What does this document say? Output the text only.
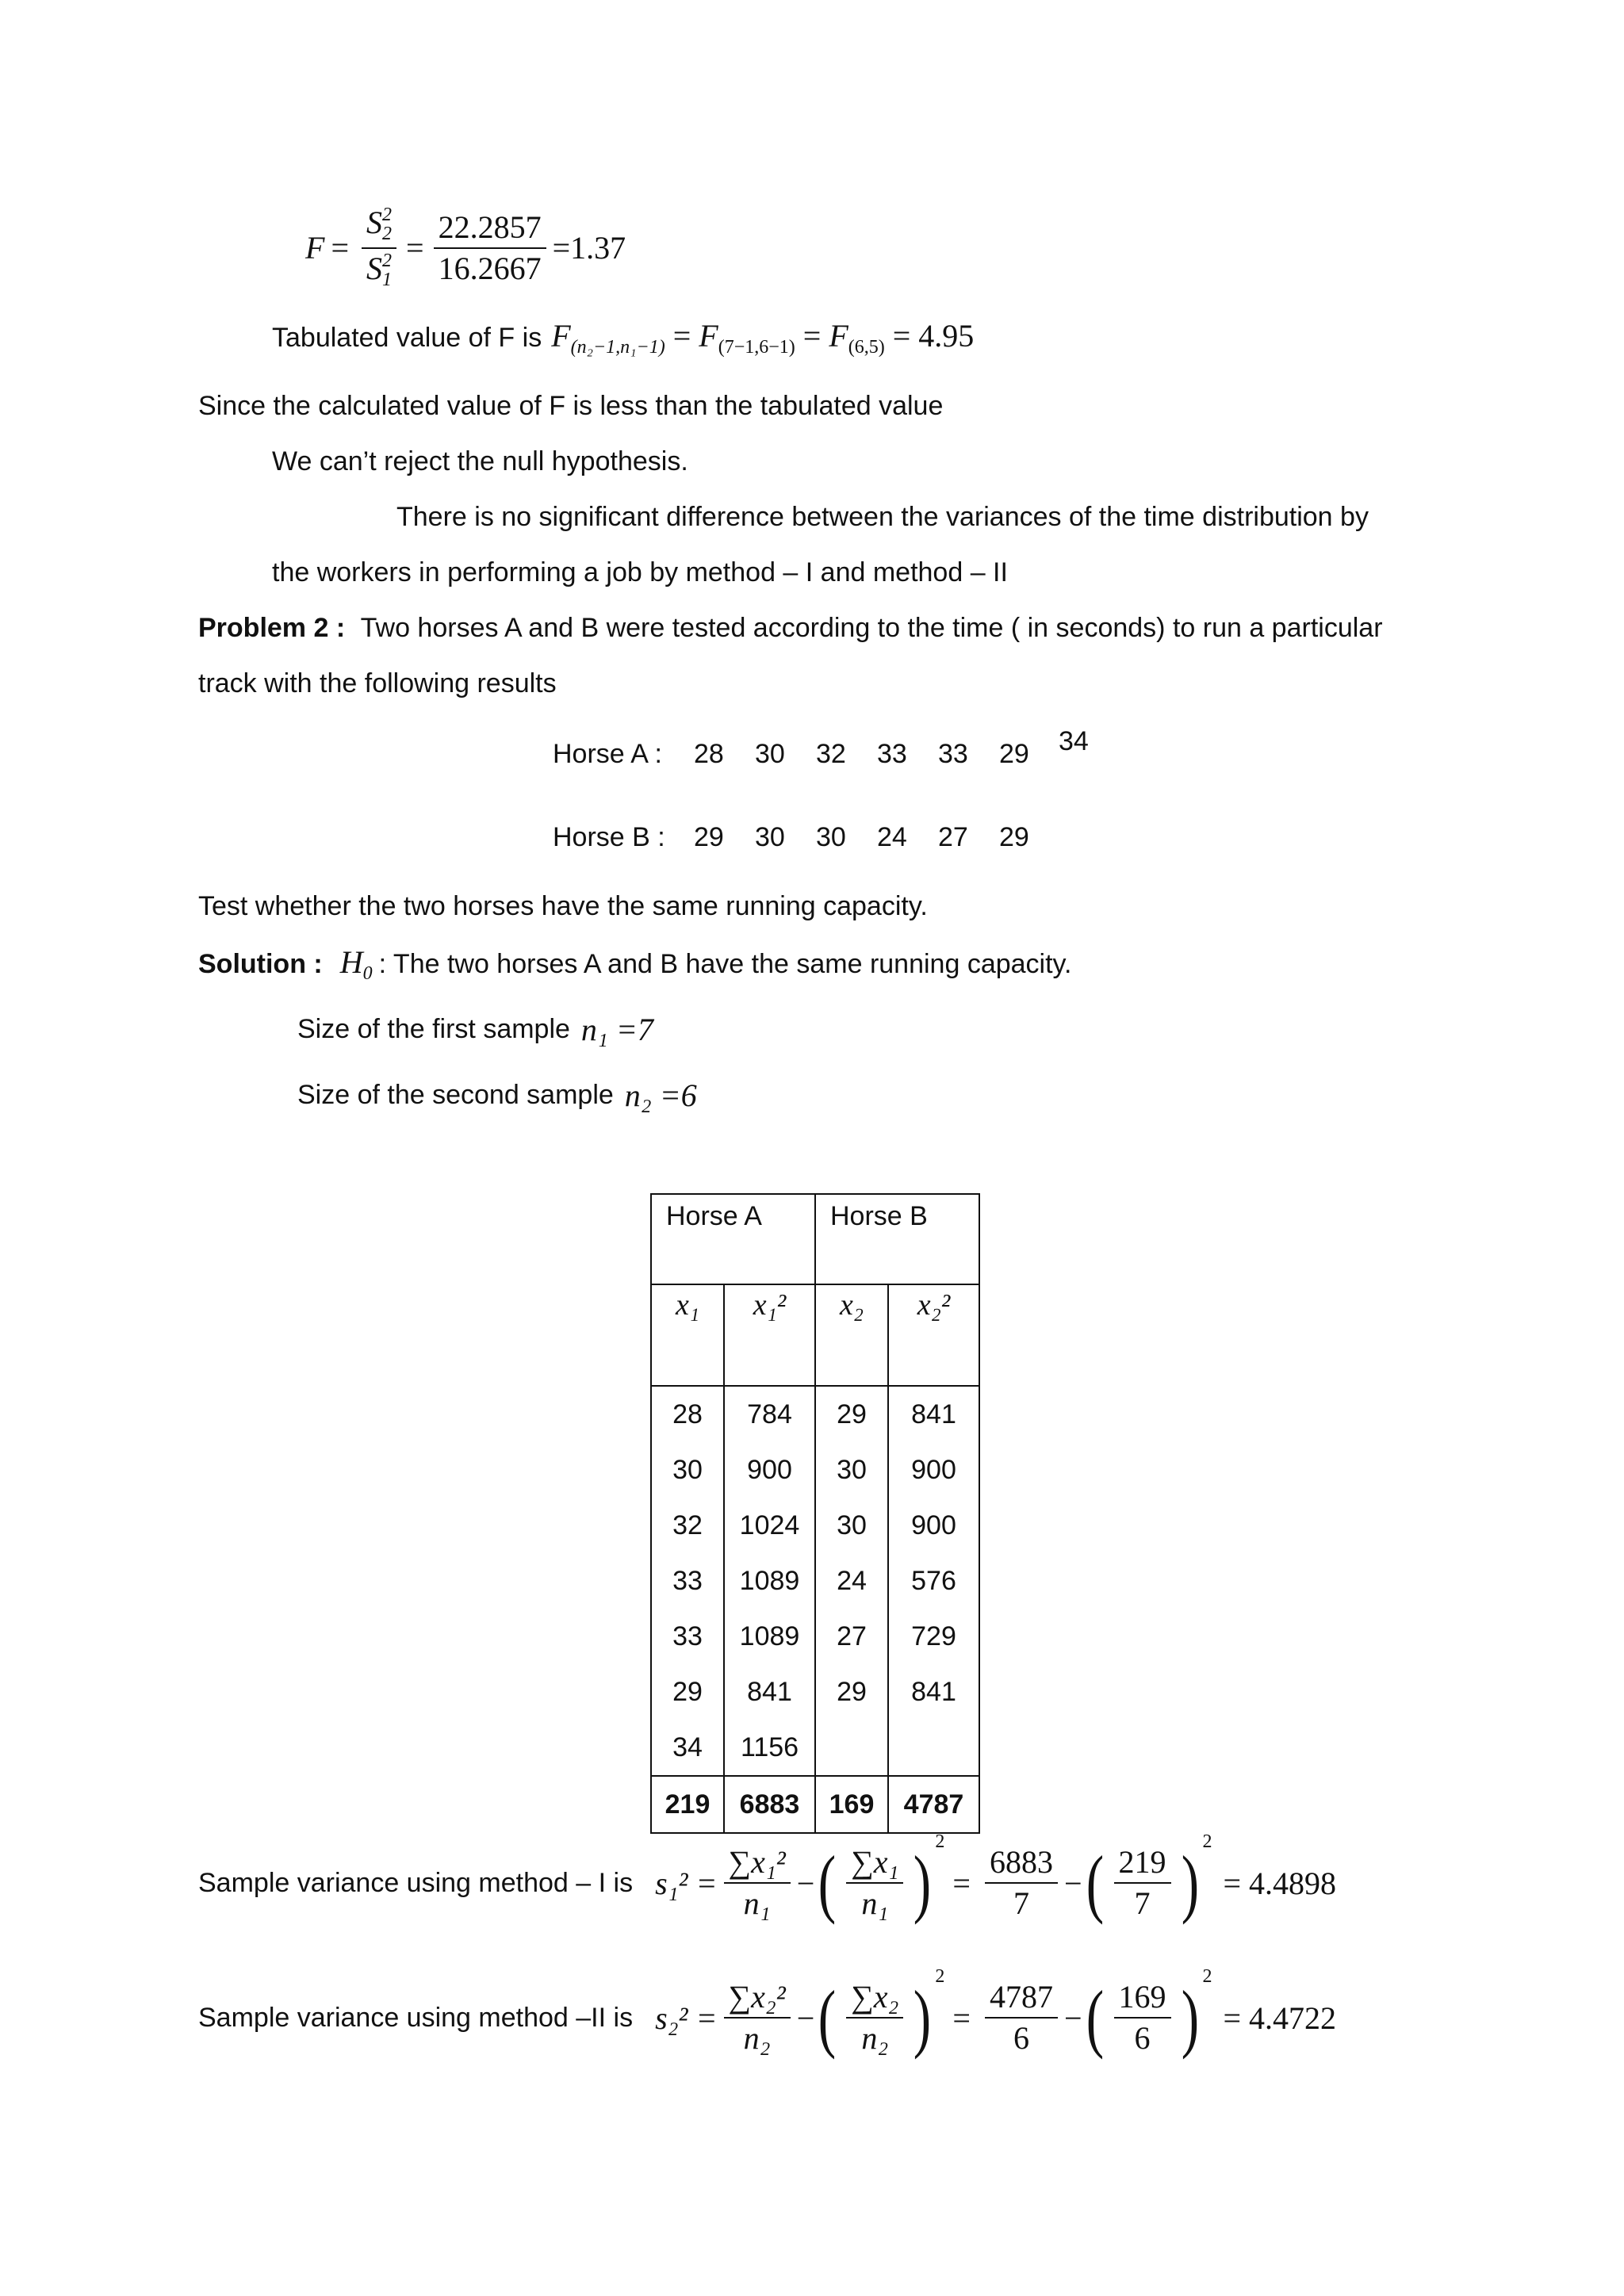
$F = \frac{S_2^2}{S_1^2} = \frac{22.2857}{16.2667} =1.37$
Tabulated value of F is $F_{(n_2-1,n_1-1)} = F_{(7-1,6-1)} = F_{(6,5)} = 4.95$
Since the calculated value of F is less than the tabulated value
We can’t reject the null hypothesis.
There is no significant difference between the variances of the time distribution by
the workers in performing a job by method – I and method – II
Problem 2 : Two horses A and B were tested according to the time ( in seconds) to run a particular
track with the following results
Horse A : 28 30 32 33 33 29 34
Horse B : 29 30 30 24 27 29
Test whether the two horses have the same running capacity.
Solution : $H_0$ : The two horses A and B have the same running capacity.
Size of the first sample n₁ =7
Size of the second sample n₂ =6
Horse A		Horse B	

x₁	x₁²	x₂	x₂²

28	784	29	841

30	900	30	900

32	1024	30	900

33	1089	24	576

33	1089	27	729

29	841	29	841

34	1156		

219	6883	169	4787
Sample variance using method – I is $s_1^2 = \frac{\text{∑x₁²}}{\text{n₁}}$ − ( $\frac{\text{∑x₁}}{\text{n₁}}$ ) 2
= $\frac{6883}{7}$ − ( $\frac{219}{7}$ ) 2
= 4.4898
Sample variance using method –II is $s_2^2 = \frac{\text{∑x₂²}}{\text{n₂}}$ − ( $\frac{\text{∑x₂}}{\text{n₂}}$ ) 2
= $\frac{4787}{6}$ − ( $\frac{169}{6}$ ) 2
= 4.4722
